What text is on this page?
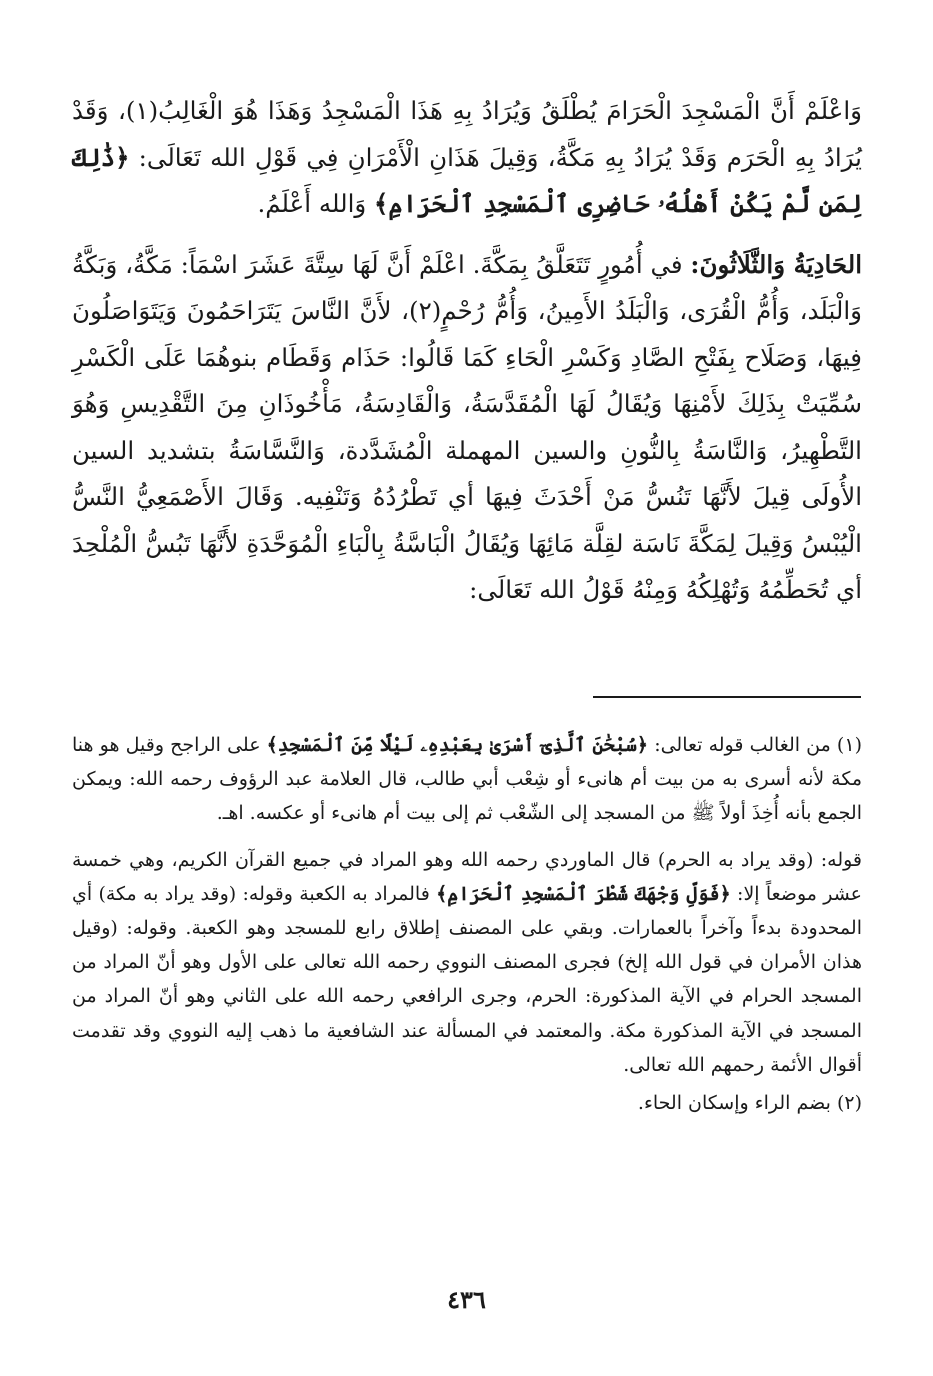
وَاعْلَمْ أَنَّ الْمَسْجِدَ الْحَرَامَ يُطْلَقُ وَيُرَادُ بِهِ هَذَا الْمَسْجِدُ وَهَذَا هُوَ الْغَالِبُ(١)، وَقَدْ يُرَادُ بِهِ الْحَرَم وَقَدْ يُرَادُ بِهِ مَكَّةُ، وَقِيلَ هَذَانِ الْأَمْرَانِ فِي قَوْلِ الله تَعَالَى: ﴿ذَٰلِكَ لِمَن لَّمْ يَكُنْ أَهْلُهُۥ حَاضِرِى ٱلْمَسْجِدِ ٱلْحَرَامِ﴾ وَالله أَعْلَمُ.

الحَادِيَةُ وَالثَّلَاثُونَ: في أُمُورٍ تَتَعَلَّقُ بِمَكَّةَ. اعْلَمْ أَنَّ لَهَا سِتَّةَ عَشَرَ اسْمَاً: مَكَّةُ، وَبَكَّةُ وَالْبَلَد، وَأُمُّ الْقُرَى، وَالْبَلَدُ الأَمِينُ، وَأُمُّ رُحْمٍ(٢)، لأَنَّ النَّاسَ يَتَرَاحَمُونَ وَيَتَوَاصَلُونَ فِيهَا، وَصَلَاح بِفَتْحِ الصَّادِ وَكَسْرِ الْحَاءِ كَمَا قَالُوا: حَذَام وَقَطَام بنوهُمَا عَلَى الْكَسْرِ سُمِّيَتْ بِذَلِكَ لأَمْنِهَا وَيُقَالُ لَهَا الْمُقَدَّسَةُ، وَالْقَادِسَةُ، مَأْخُوذَانِ مِنَ التَّقْدِيسِ وَهُوَ التَّطْهِيرُ، وَالنَّاسَةُ بِالنُّونِ والسين المهملة الْمُشَدَّدة، وَالنَّسَّاسَةُ بتشديد السين الأُولَى قِيلَ لأَنَّهَا تَنُسُّ مَنْ أَحْدَثَ فِيهَا أي تَطْرُدُهُ وَتَنْفِيه. وَقَالَ الأَصْمَعِيُّ النَّسُّ الْيُبْسُ وَقِيلَ لِمَكَّةَ نَاسَة لقِلَّة مَائِهَا وَيُقَالُ الْبَاسَّةُ بِالْبَاءِ الْمُوَحَّدَةِ لأَنَّهَا تَبُسُّ الْمُلْحِدَ أي تُحَطِّمُهُ وَتُهْلِكُهُ وَمِنْهُ قَوْلُ الله تَعَالَى:

(١) من الغالب قوله تعالى: ﴿سُبْحَٰنَ ٱلَّذِىٓ أَسْرَىٰ بِعَبْدِهِۦ لَيْلًا مِّنَ ٱلْمَسْجِدِ﴾ على الراجح وقيل هو هنا مكة لأنه أسرى به من بيت أم هانىء أو شِعْب أبي طالب، قال العلامة عبد الرؤوف رحمه الله: ويمكن الجمع بأنه أُخِذَ أولاً ﷺ من المسجد إلى الشّعْب ثم إلى بيت أم هانىء أو عكسه. اهـ.

قوله: (وقد يراد به الحرم) قال الماوردي رحمه الله وهو المراد في جميع القرآن الكريم، وهي خمسة عشر موضعاً إلا: ﴿فَوَلِّ وَجْهَكَ شَطْرَ ٱلْمَسْجِدِ ٱلْحَرَامِ﴾ فالمراد به الكعبة وقوله: (وقد يراد به مكة) أي المحدودة بدءاً وآخراً بالعمارات. وبقي على المصنف إطلاق رابع للمسجد وهو الكعبة. وقوله: (وقيل هذان الأمران في قول الله إلخ) فجرى المصنف النووي رحمه الله تعالى على الأول وهو أنّ المراد من المسجد الحرام في الآية المذكورة: الحرم، وجرى الرافعي رحمه الله على الثاني وهو أنّ المراد من المسجد في الآية المذكورة مكة. والمعتمد في المسألة عند الشافعية ما ذهب إليه النووي وقد تقدمت أقوال الأئمة رحمهم الله تعالى.

(٢) بضم الراء وإسكان الحاء.

٤٣٦
